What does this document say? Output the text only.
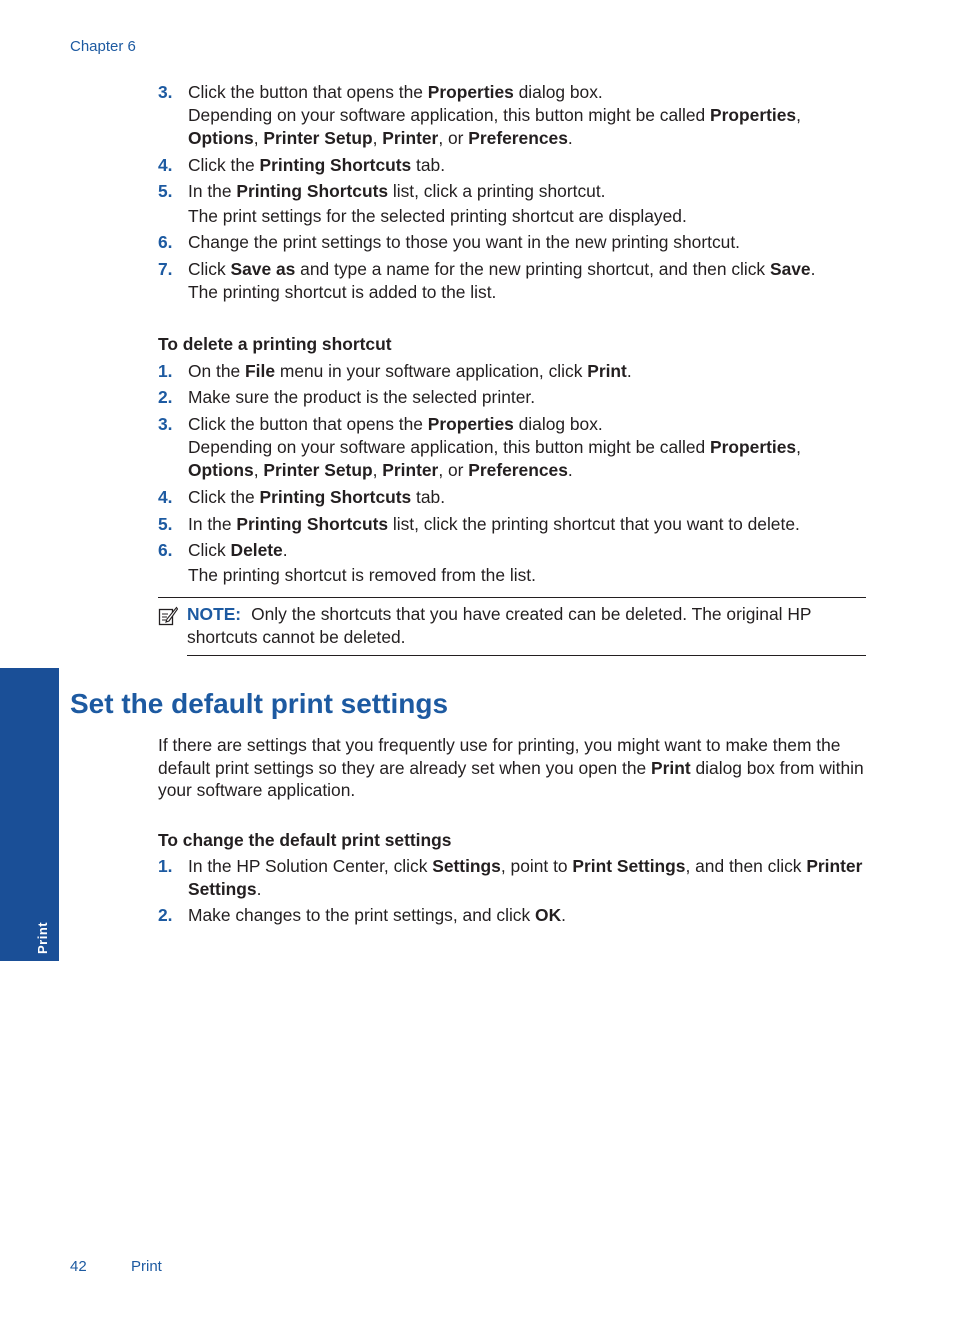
Chapter 6
Print
3. Click the button that opens the Properties dialog box.

Depending on your software application, this button might be called Properties,

Options, Printer Setup, Printer, or Preferences.

4. Click the Printing Shortcuts tab.

5. In the Printing Shortcuts list, click a printing shortcut.

The print settings for the selected printing shortcut are displayed.

6. Change the print settings to those you want in the new printing shortcut.

7. Click Save as and type a name for the new printing shortcut, and then click Save.

The printing shortcut is added to the list.

To delete a printing shortcut
1. On the File menu in your software application, click Print.

2. Make sure the product is the selected printer.

3. Click the button that opens the Properties dialog box.

Depending on your software application, this button might be called Properties,

Options, Printer Setup, Printer, or Preferences.

4. Click the Printing Shortcuts tab.

5. In the Printing Shortcuts list, click the printing shortcut that you want to delete.

6. Click Delete.

The printing shortcut is removed from the list.

NOTE: Only the shortcuts that you have created can be deleted. The original HP shortcuts cannot be deleted.
Set the default print settings

If there are settings that you frequently use for printing, you might want to make them the default print settings so they are already set when you open the Print dialog box from within your software application.

To change the default print settings
1. In the HP Solution Center, click Settings, point to Print Settings, and then click Printer Settings.

2. Make changes to the print settings, and click OK.

42	Print
